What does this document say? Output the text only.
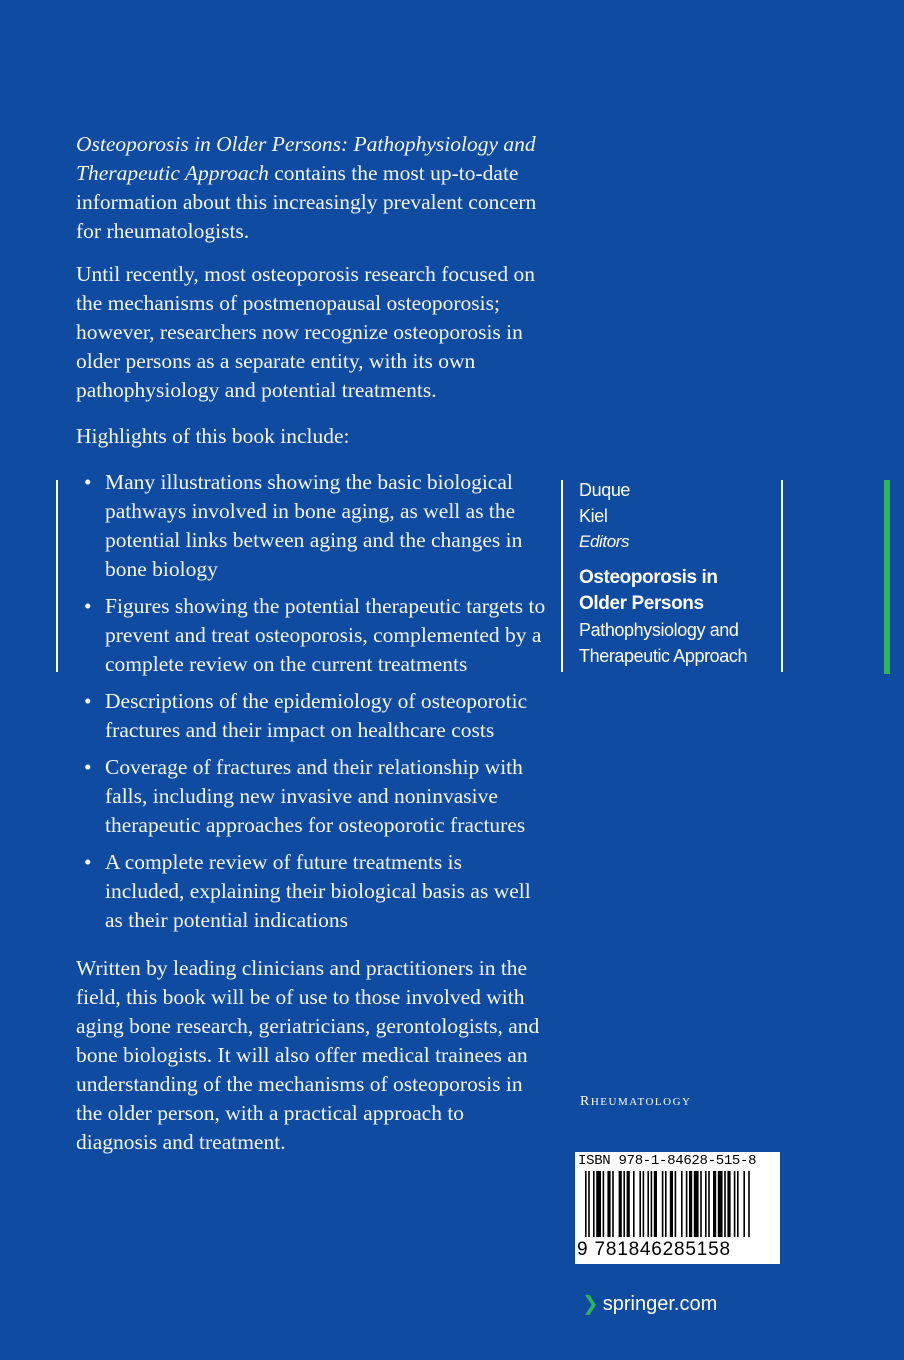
Osteoporosis in Older Persons: Pathophysiology and Therapeutic Approach contains the most up-to-date information about this increasingly prevalent concern for rheumatologists.

Until recently, most osteoporosis research focused on the mechanisms of postmenopausal osteoporosis; however, researchers now recognize osteoporosis in older persons as a separate entity, with its own pathophysiology and potential treatments.

Highlights of this book include:

• Many illustrations showing the basic biological pathways involved in bone aging, as well as the potential links between aging and the changes in bone biology
• Figures showing the potential therapeutic targets to prevent and treat osteoporosis, complemented by a complete review on the current treatments
• Descriptions of the epidemiology of osteoporotic fractures and their impact on healthcare costs
• Coverage of fractures and their relationship with falls, including new invasive and noninvasive therapeutic approaches for osteoporotic fractures
• A complete review of future treatments is included, explaining their biological basis as well as their potential indications

Written by leading clinicians and practitioners in the field, this book will be of use to those involved with aging bone research, geriatricians, gerontologists, and bone biologists. It will also offer medical trainees an understanding of the mechanisms of osteoporosis in the older person, with a practical approach to diagnosis and treatment.

Duque
Kiel
Editors
Osteoporosis in
Older Persons
Pathophysiology and
Therapeutic Approach
RHEUMATOLOGY
ISBN 978-1-84628-515-8
9 781846285158
❯ springer.com
